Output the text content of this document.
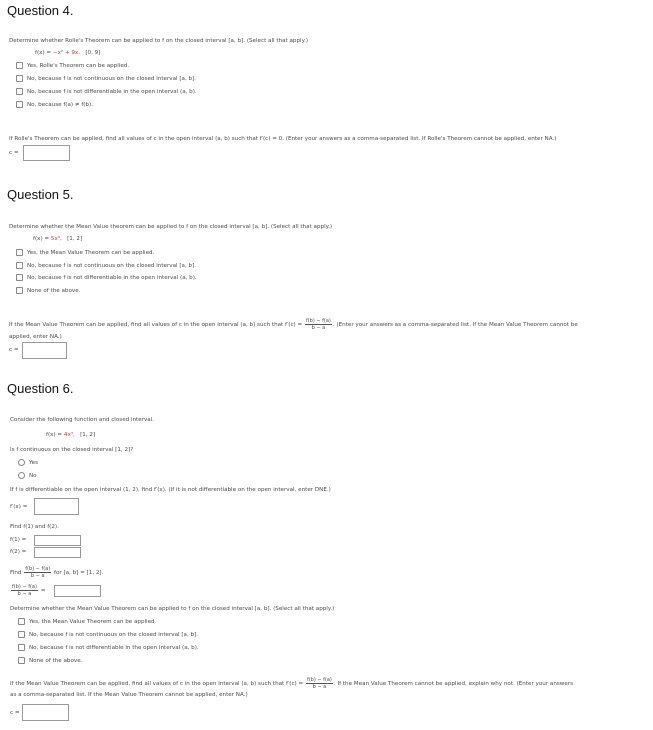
Question 4.
Determine whether Rolle's Theorem can be applied to f on the closed interval [a, b]. (Select all that apply.)
f(x) = −x² + 9x, [0, 9]
Yes, Rolle's Theorem can be applied.
No, because f is not continuous on the closed interval [a, b].
No, because f is not differentiable in the open interval (a, b).
No, because f(a) ≠ f(b).
If Rolle's Theorem can be applied, find all values of c in the open interval (a, b) such that f′(c) = 0. (Enter your answers as a comma-separated list. If Rolle's Theorem cannot be applied, enter NA.)
c =
Question 5.
Determine whether the Mean Value theorem can be applied to f on the closed interval [a, b]. (Select all that apply.)
f(x) = 5x³, [1, 2]
Yes, the Mean Value Theorem can be applied.
No, because f is not continuous on the closed interval [a, b].
No, because f is not differentiable in the open interval (a, b).
None of the above.
If the Mean Value Theorem can be applied, find all values of c in the open interval (a, b) such that $f'(c) = \frac{f(b) - f(a)}{b - a}$ . (Enter your answers as a comma-separated list. If the Mean Value Theorem cannot be
applied, enter NA.)
c =
Question 6.
Consider the following function and closed interval.
f(x) = 4x³, [1, 2]
Is f continuous on the closed interval [1, 2]?
Yes
No
If f is differentiable on the open interval (1, 2), find f′(x). (If it is not differentiable on the open interval, enter DNE.)
f′(x) =
Find f(1) and f(2).
f(1) =
f(2) =
Find $\frac{f(b) - f(a)}{b - a}$ for [a, b] = [1, 2].
$\frac{f(b) - f(a)}{b - a}$ =
Determine whether the Mean Value Theorem can be applied to f on the closed interval [a, b]. (Select all that apply.)
Yes, the Mean Value Theorem can be applied.
No, because f is not continuous on the closed interval [a, b].
No, because f is not differentiable in the open interval (a, b).
None of the above.
If the Mean Value Theorem can be applied, find all values of c in the open interval (a, b) such that $f'(c) = \frac{f(b) - f(a)}{b - a}$ . If the Mean Value Theorem cannot be applied, explain why not. (Enter your answers
as a comma-separated list. If the Mean Value Theorem cannot be applied, enter NA.)
c =
